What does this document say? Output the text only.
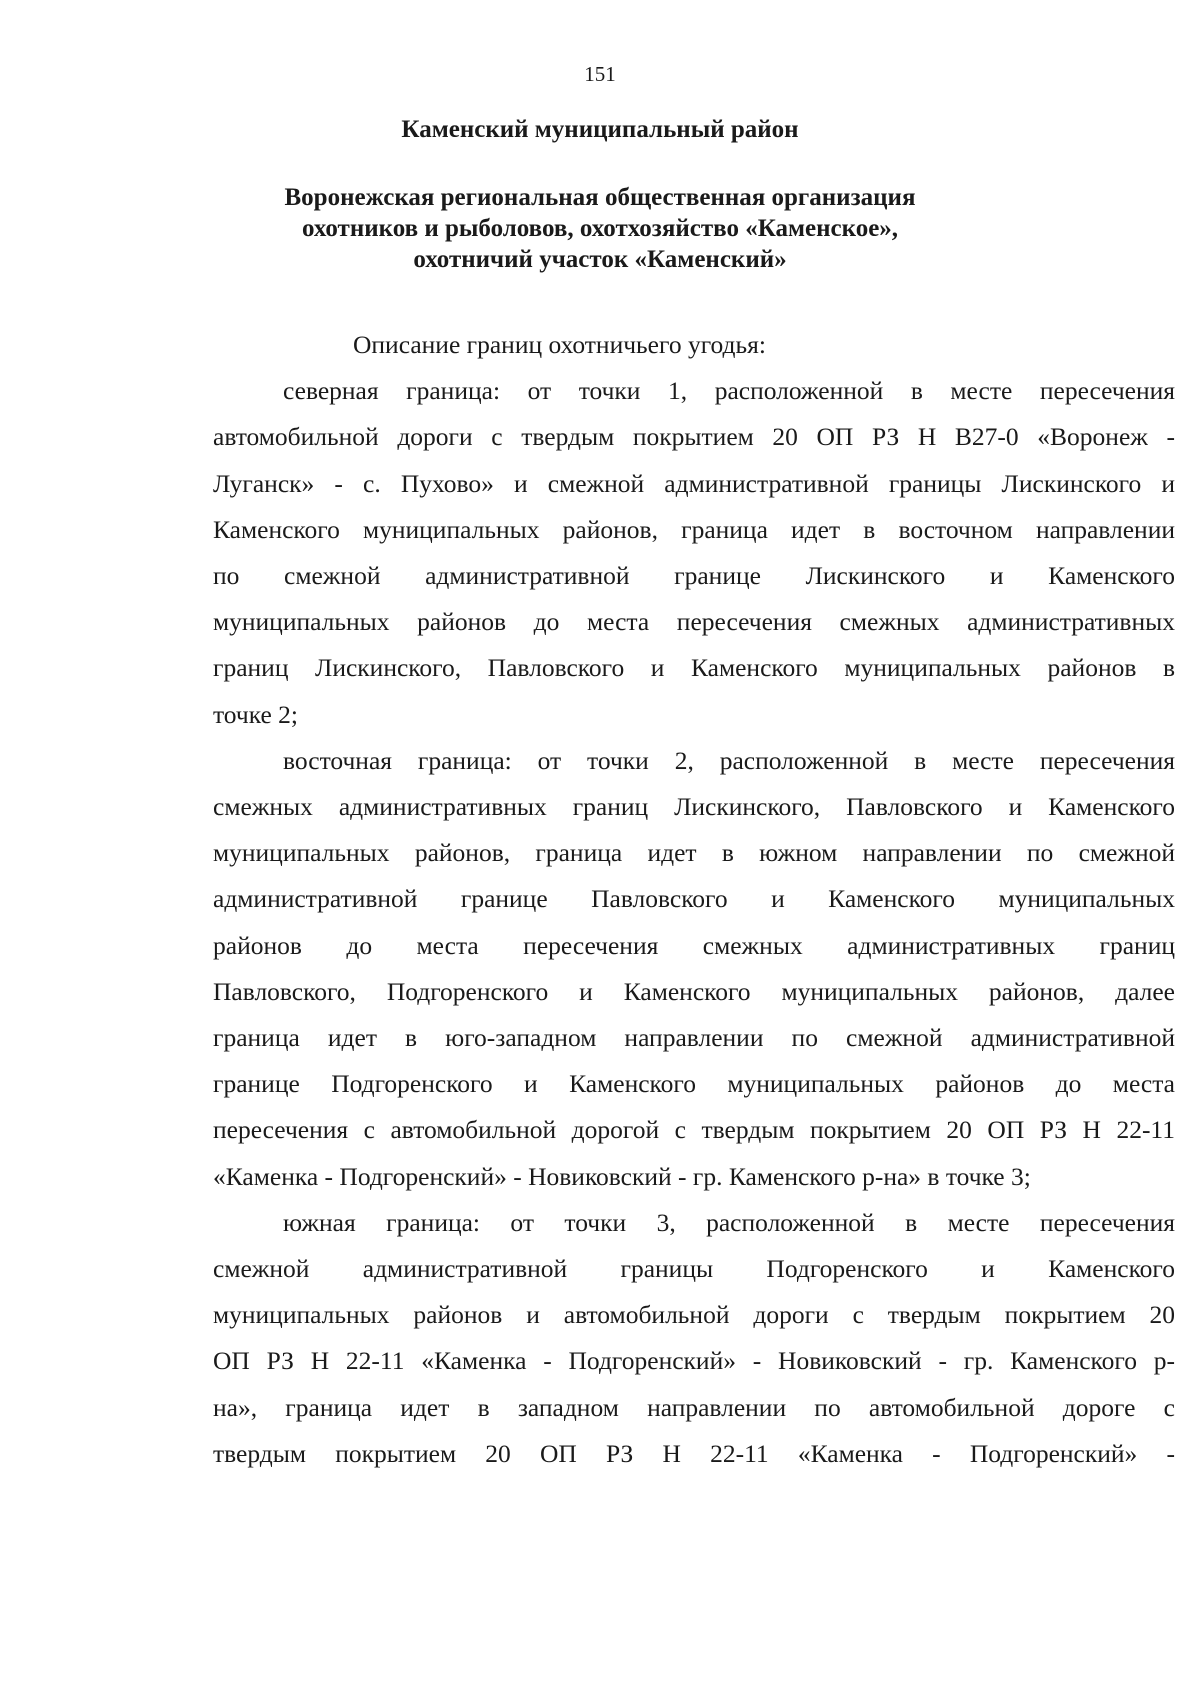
151

Каменский муниципальный район
Воронежская региональная общественная организация
охотников и рыболовов, охотхозяйство «Каменское»,
охотничий участок «Каменский»

Описание границ охотничьего угодья:

северная граница: от точки 1, расположенной в месте пересечения
автомобильной дороги с твердым покрытием 20 ОП РЗ Н В27-0 «Воронеж -
Луганск» - с. Пухово» и смежной административной границы Лискинского и
Каменского муниципальных районов, граница идет в восточном направлении
по смежной административной границе Лискинского и Каменского
муниципальных районов до места пересечения смежных административных
границ Лискинского, Павловского и Каменского муниципальных районов в
точке 2;
восточная граница: от точки 2, расположенной в месте пересечения
смежных административных границ Лискинского, Павловского и Каменского
муниципальных районов, граница идет в южном направлении по смежной
административной границе Павловского и Каменского муниципальных
районов до места пересечения смежных административных границ
Павловского, Подгоренского и Каменского муниципальных районов, далее
граница идет в юго-западном направлении по смежной административной
границе Подгоренского и Каменского муниципальных районов до места
пересечения с автомобильной дорогой с твердым покрытием 20 ОП РЗ Н 22-11
«Каменка - Подгоренский» - Новиковский - гр. Каменского р-на» в точке 3;
южная граница: от точки 3, расположенной в месте пересечения
смежной административной границы Подгоренского и Каменского
муниципальных районов и автомобильной дороги с твердым покрытием 20
ОП РЗ Н 22-11 «Каменка - Подгоренский» - Новиковский - гр. Каменского р-
на», граница идет в западном направлении по автомобильной дороге с
твердым покрытием 20 ОП РЗ Н 22-11 «Каменка - Подгоренский» -
